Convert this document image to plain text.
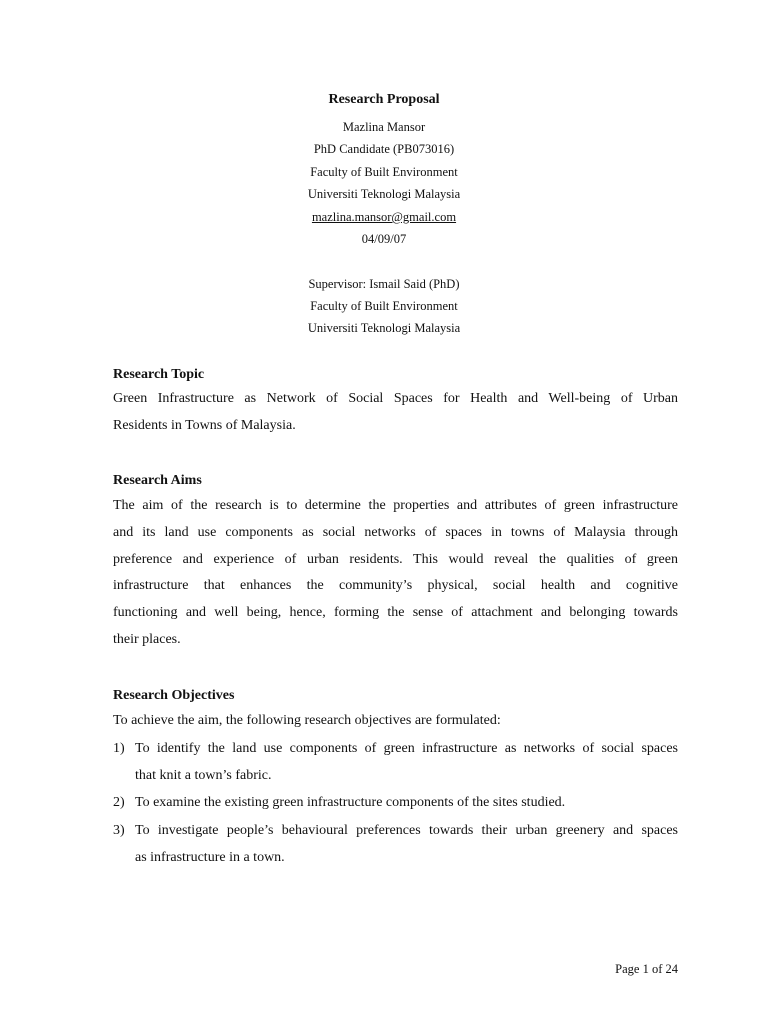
Research Proposal
Mazlina Mansor
PhD Candidate (PB073016)
Faculty of Built Environment
Universiti Teknologi Malaysia
mazlina.mansor@gmail.com
04/09/07
Supervisor: Ismail Said (PhD)
Faculty of Built Environment
Universiti Teknologi Malaysia
Research Topic
Green Infrastructure as Network of Social Spaces for Health and Well-being of Urban
Residents in Towns of Malaysia.
Research Aims
The aim of the research is to determine the properties and attributes of green infrastructure
and its land use components as social networks of spaces in towns of Malaysia through
preference and experience of urban residents. This would reveal the qualities of green
infrastructure that enhances the community’s physical, social health and cognitive
functioning and well being, hence, forming the sense of attachment and belonging towards
their places.
Research Objectives
To achieve the aim, the following research objectives are formulated:
1) To identify the land use components of green infrastructure as networks of social spaces
that knit a town’s fabric.
2) To examine the existing green infrastructure components of the sites studied.
3) To investigate people’s behavioural preferences towards their urban greenery and spaces
as infrastructure in a town.
Page 1 of 24
